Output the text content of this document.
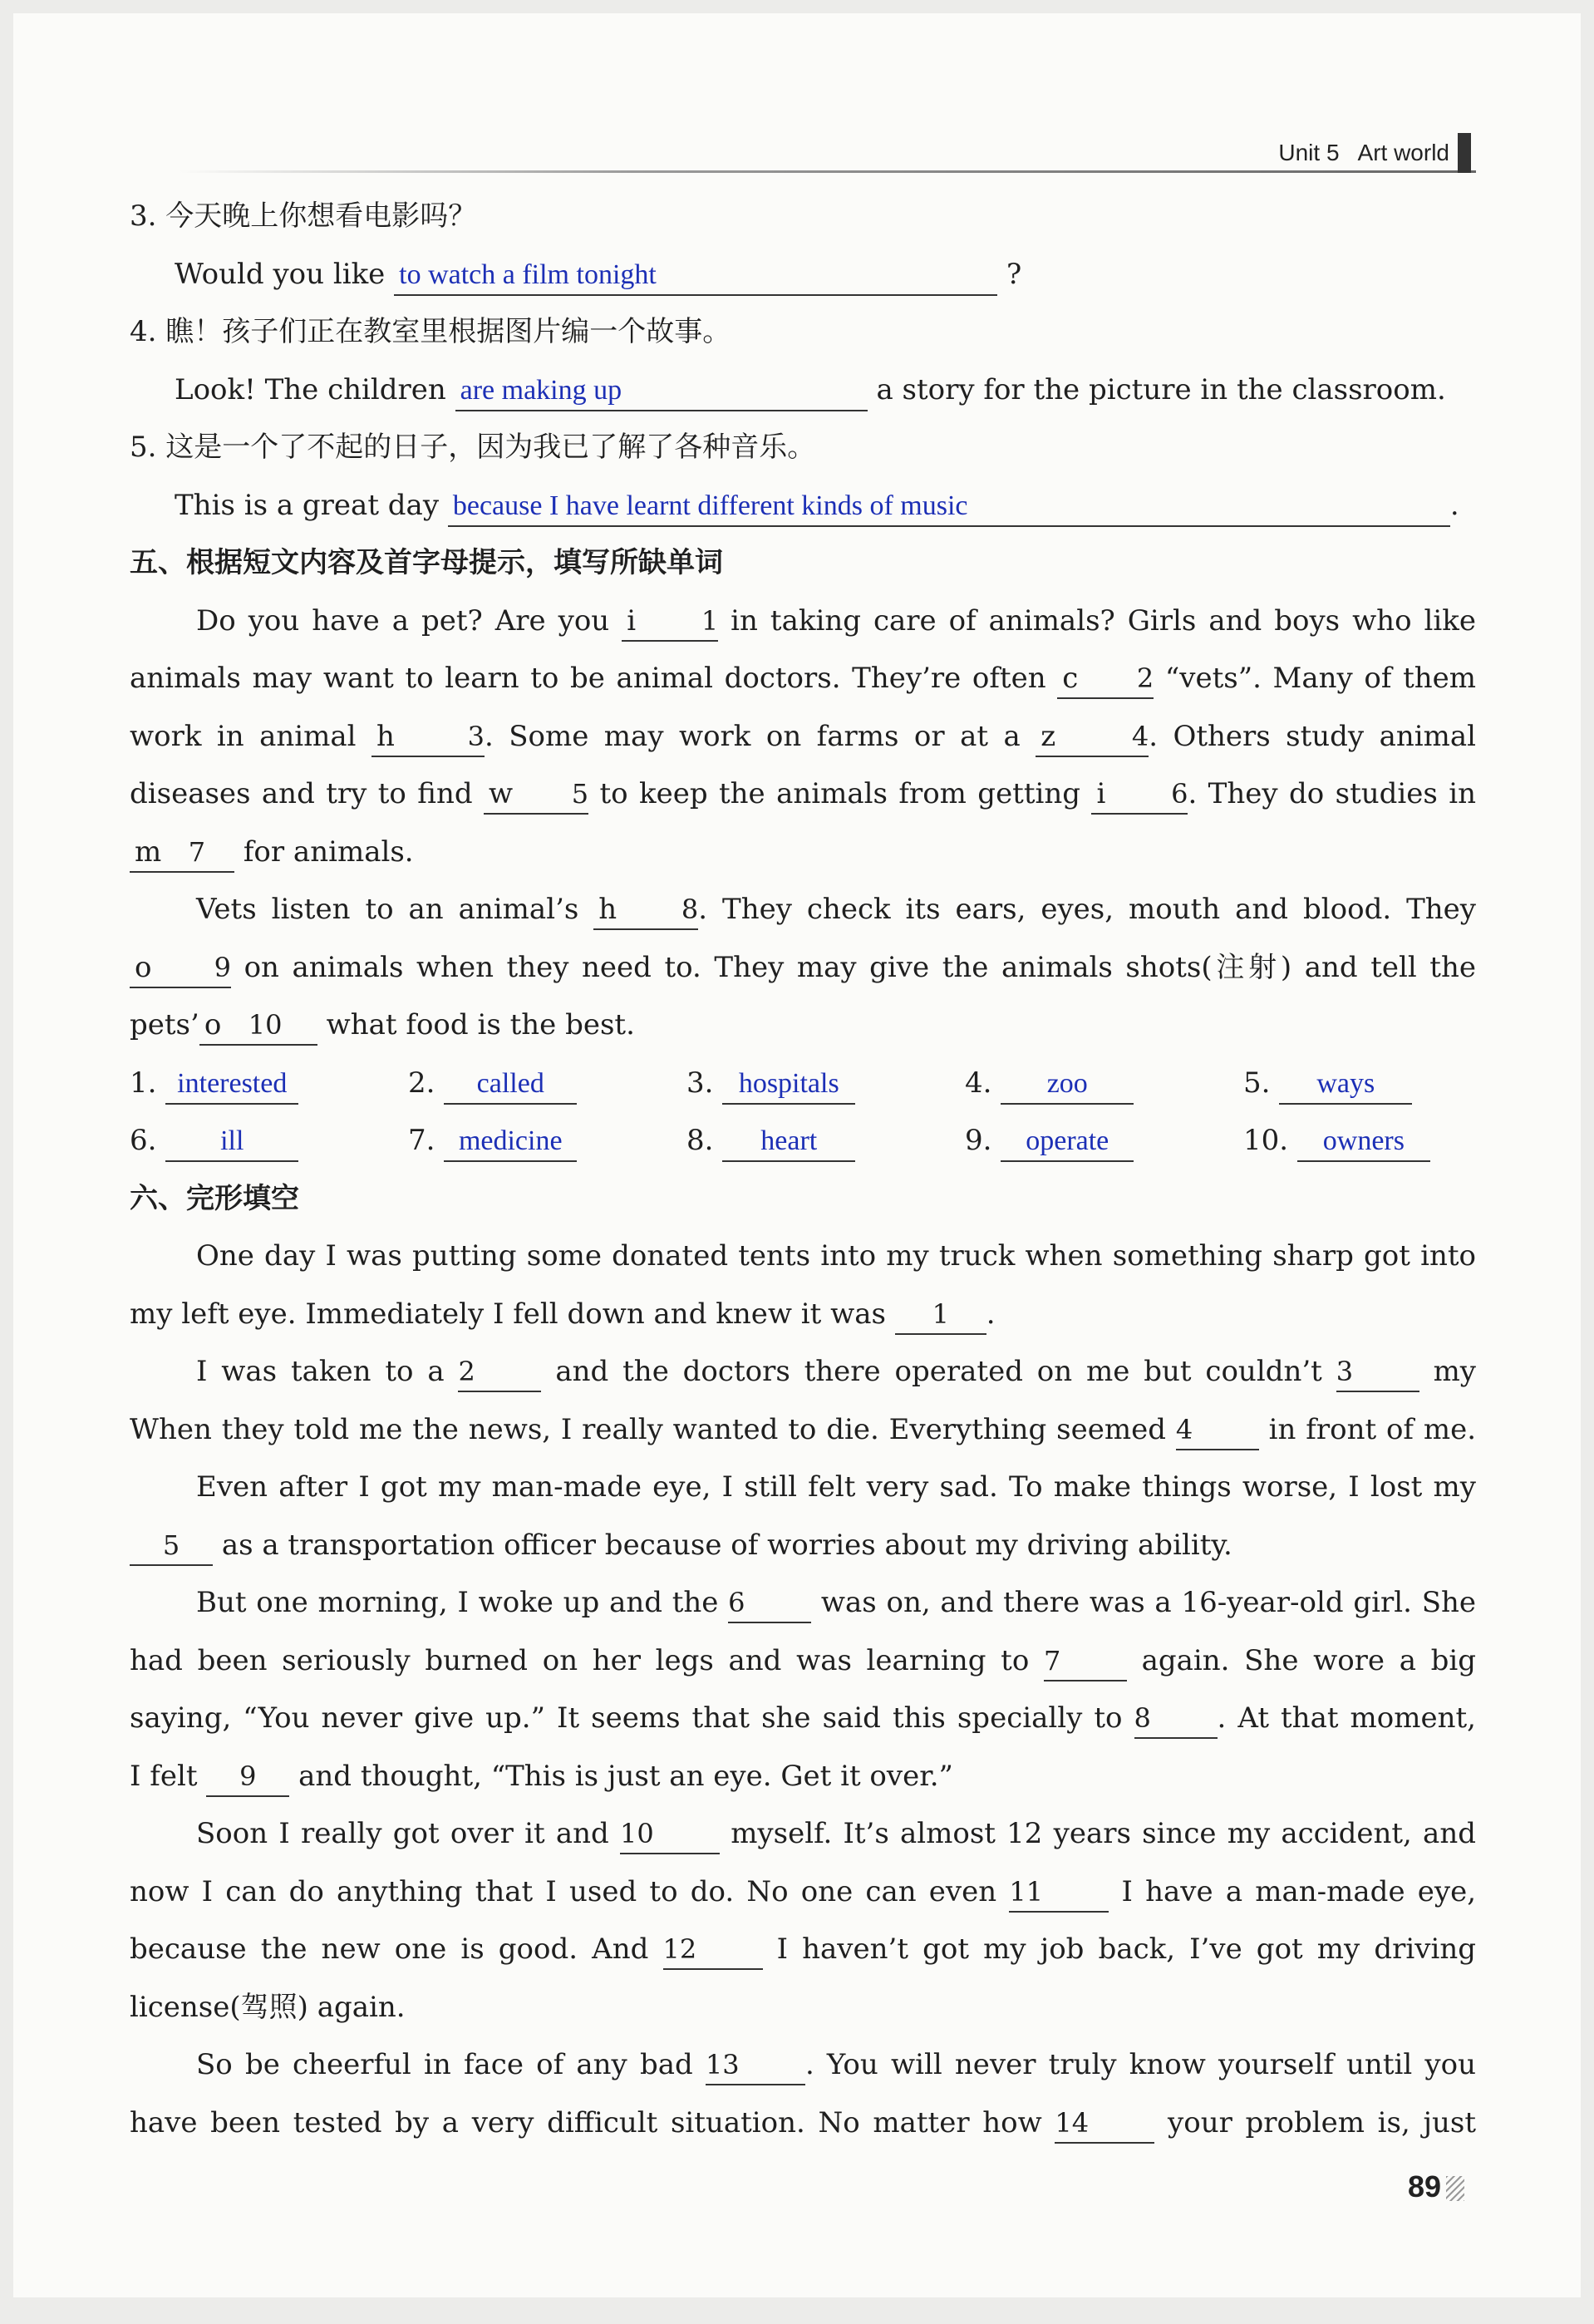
Unit 5 Art world
3. 今天晚上你想看电影吗？
Would you like to watch a film tonight	?
4. 瞧！孩子们正在教室里根据图片编一个故事。
Look! The children are making up	a story for the picture in the classroom.
5. 这是一个了不起的日子，因为我已了解了各种音乐。
This is a great day because I have learnt different kinds of music	.
五、根据短文内容及首字母提示，填写所缺单词
Do you have a pet? Are you i 1 in taking care of animals? Girls and boys who like
animals may want to learn to be animal doctors. They’re often c 2 “vets”. Many of them
work in animal h	3. Some may work on farms or at a z	4. Others study animal
diseases and try to find w 5 to keep the animals from getting i 6. They do studies in
m 7 for animals.
Vets listen to an animal’s h 8. They check its ears, eyes, mouth and blood. They
o 9 on animals when they need to. They may give the animals shots(注射) and tell the
pets’ o 10 what food is the best.
1. interested	2. called	3. hospitals	4. zoo	5. ways
6. ill	7. medicine	8. heart	9. operate	10. owners
六、完形填空
One day I was putting some donated tents into my truck when something sharp got into
my left eye. Immediately I fell down and knew it was 1 .
I was taken to a 2	and the doctors there operated on me but couldn’t 3	my
When they told me the news, I really wanted to die. Everything seemed 4	in front of me.
Even after I got my man-made eye, I still felt very sad. To make things worse, I lost my
5 as a transportation officer because of worries about my driving ability.
But one morning, I woke up and the 6	was on, and there was a 16-year-old girl. She
had been seriously burned on her legs and was learning to 7	again. She wore a big
saying, “You never give up.” It seems that she said this specially to 8 . At that moment,
I felt 9 and thought, “This is just an eye. Get it over.”
Soon I really got over it and 10	myself. It’s almost 12 years since my accident, and
now I can do anything that I used to do. No one can even 11	I have a man-made eye,
because the new one is good. And 12	I haven’t got my job back, I’ve got my driving
license(驾照) again.
So be cheerful in face of any bad 13 . You will never truly know yourself until you
have been tested by a very difficult situation. No matter how 14	your problem is, just
89
